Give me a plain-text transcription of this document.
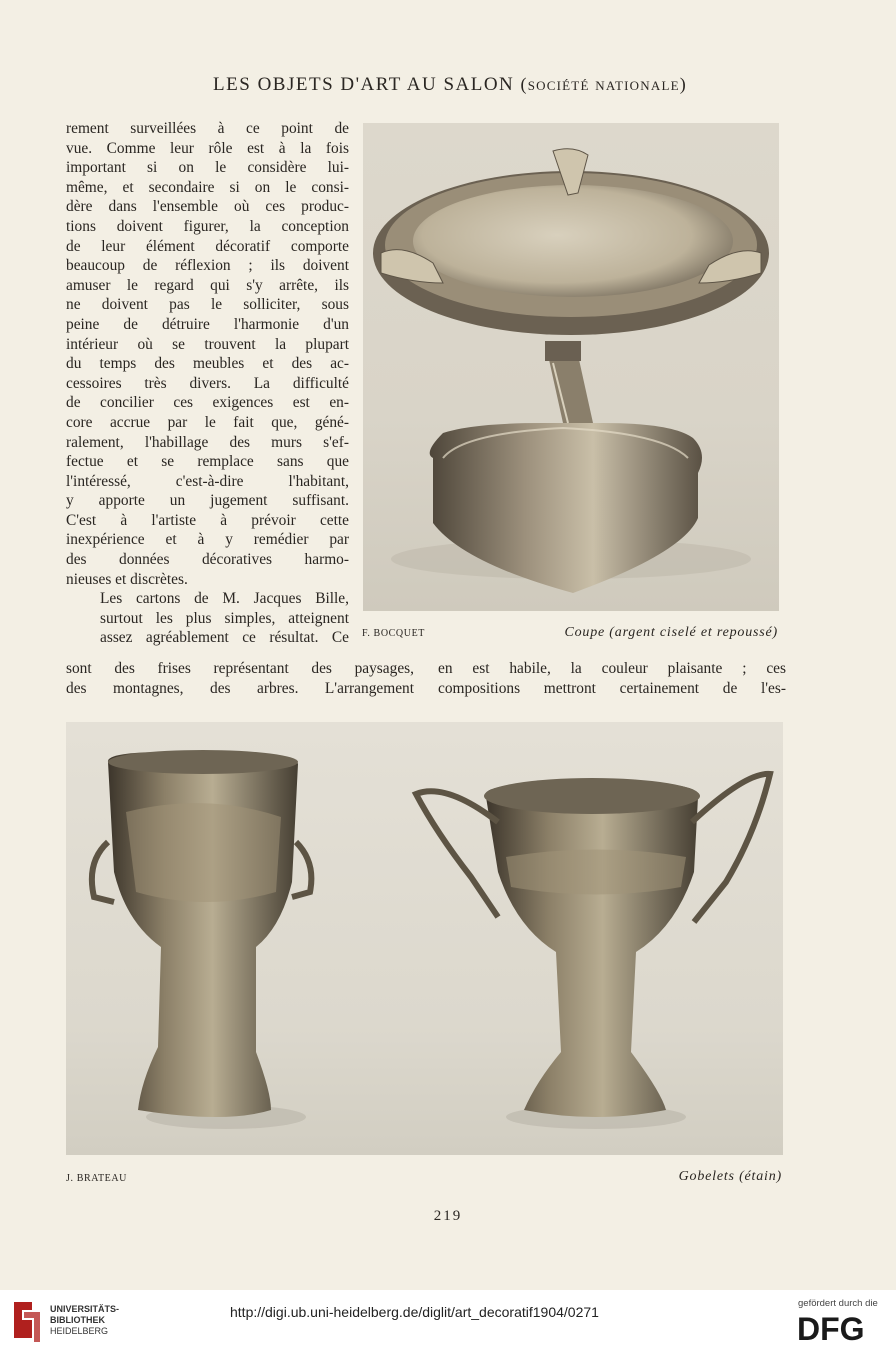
LES OBJETS D'ART AU SALON (société nationale)

rement surveillées à ce point de
vue. Comme leur rôle est à la fois
important si on le considère lui-
même, et secondaire si on le consi-
dère dans l'ensemble où ces produc-
tions doivent figurer, la conception
de leur élément décoratif comporte
beaucoup de réflexion ; ils doivent
amuser le regard qui s'y arrête, ils
ne doivent pas le solliciter, sous
peine de détruire l'harmonie d'un
intérieur où se trouvent la plupart
du temps des meubles et des ac-
cessoires très divers. La difficulté
de concilier ces exigences est en-
core accrue par le fait que, géné-
ralement, l'habillage des murs s'ef-
fectue et se remplace sans que
l'intéressé, c'est-à-dire l'habitant,
y apporte un jugement suffisant.
C'est à l'artiste à prévoir cette
inexpérience et à y remédier par
des données décoratives harmo-
nieuses et discrètes.

Les cartons de M. Jacques Bille,
surtout les plus simples, atteignent
assez agréablement ce résultat. Ce F. BOCQUET	Coupe (argent ciselé et repoussé)
sont des frises représentant des paysages,
des montagnes, des arbres. L'arrangement
en est habile, la couleur plaisante ; ces
compositions mettront certainement de l'es-
J. BRATEAU	Gobelets (étain)
219
UNIVERSITÄTS-
BIBLIOTHEK
HEIDELBERG
http://digi.ub.uni-heidelberg.de/diglit/art_decoratif1904/0271
gefördert durch die
DFG
